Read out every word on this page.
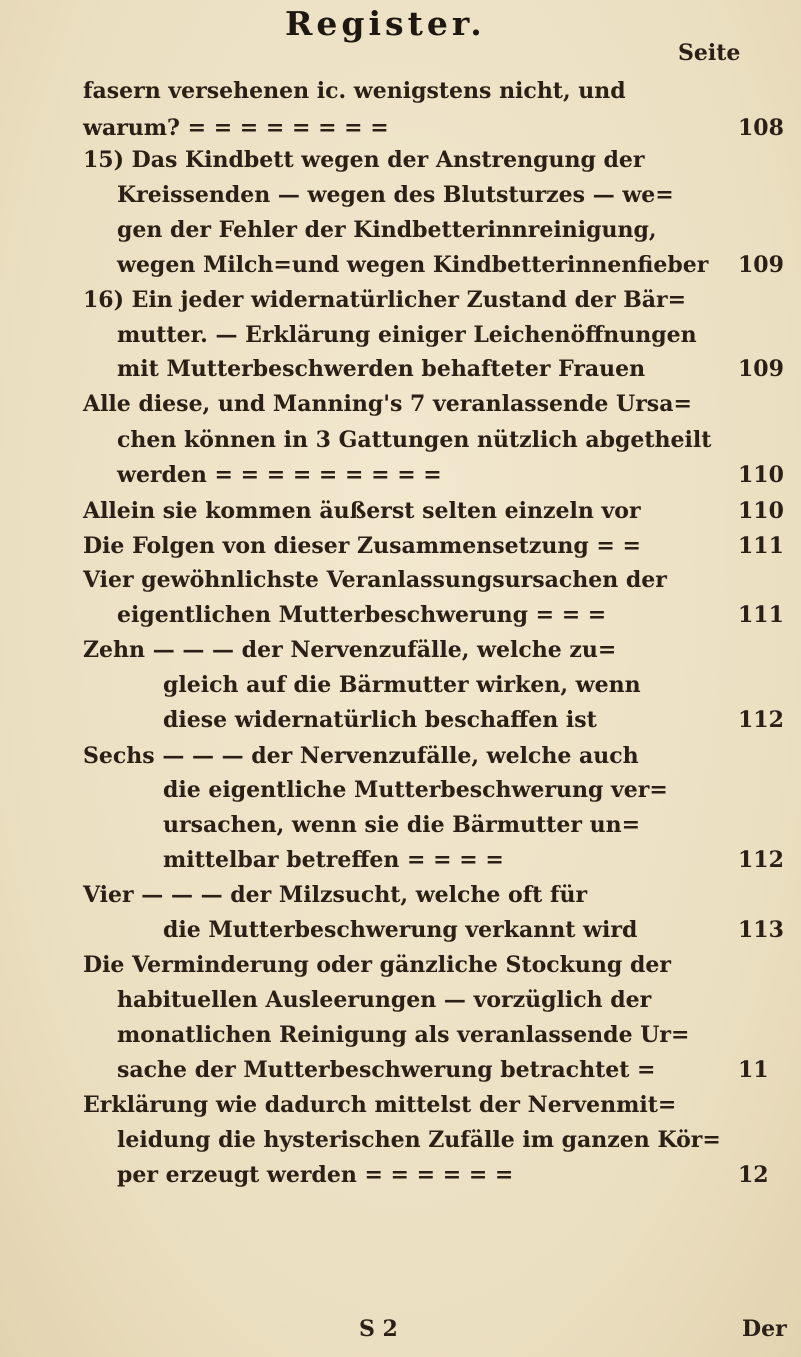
Register.
Seite
fasern versehenen ic. wenigstens nicht, und
warum? = = = = = = = =	108
15) Das Kindbett wegen der Anstrengung der
Kreissenden — wegen des Blutsturzes — we=
gen der Fehler der Kindbetterinnreinigung,
wegen Milch=und wegen Kindbetterinnenfieber 109
16) Ein jeder widernatürlicher Zustand der Bär=
mutter. — Erklärung einiger Leichenöffnungen
mit Mutterbeschwerden behafteter Frauen	109
Alle diese, und Manning's 7 veranlassende Ursa=
chen können in 3 Gattungen nützlich abgetheilt
werden = = = = = = = = =	110
Allein sie kommen äußerst selten einzeln vor	110
Die Folgen von dieser Zusammensetzung = =	111
Vier gewöhnlichste Veranlassungsursachen der
eigentlichen Mutterbeschwerung = = =	111
Zehn — — — der Nervenzufälle, welche zu=
gleich auf die Bärmutter wirken, wenn
diese widernatürlich beschaffen ist	112
Sechs — — — der Nervenzufälle, welche auch
die eigentliche Mutterbeschwerung ver=
ursachen, wenn sie die Bärmutter un=
mittelbar betreffen = = = =	112
Vier — — — der Milzsucht, welche oft für
die Mutterbeschwerung verkannt wird	113
Die Verminderung oder gänzliche Stockung der
habituellen Ausleerungen — vorzüglich der
monatlichen Reinigung als veranlassende Ur=
sache der Mutterbeschwerung betrachtet =	11
Erklärung wie dadurch mittelst der Nervenmit=
leidung die hysterischen Zufälle im ganzen Kör=
per erzeugt werden = = = = = =	12
S 2	Der
